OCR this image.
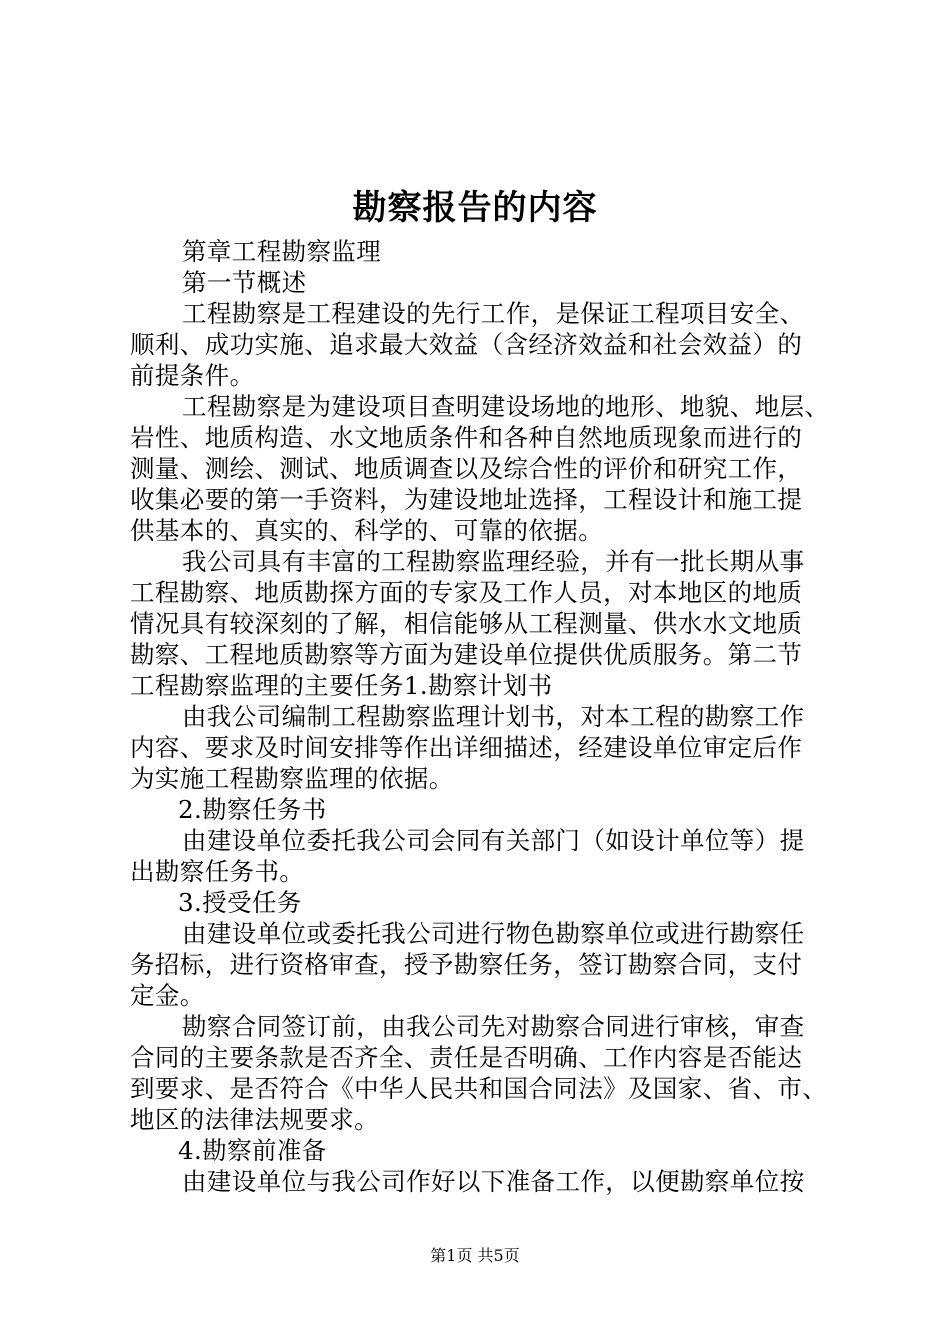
勘察报告的内容
第章工程勘察监理
第一节概述
工程勘察是工程建设的先行工作，是保证工程项目安全、
顺利、成功实施、追求最大效益（含经济效益和社会效益）的
前提条件。
工程勘察是为建设项目查明建设场地的地形、地貌、地层、
岩性、地质构造、水文地质条件和各种自然地质现象而进行的
测量、测绘、测试、地质调查以及综合性的评价和研究工作，
收集必要的第一手资料，为建设地址选择，工程设计和施工提
供基本的、真实的、科学的、可靠的依据。
我公司具有丰富的工程勘察监理经验，并有一批长期从事
工程勘察、地质勘探方面的专家及工作人员，对本地区的地质
情况具有较深刻的了解，相信能够从工程测量、供水水文地质
勘察、工程地质勘察等方面为建设单位提供优质服务。第二节
工程勘察监理的主要任务1.勘察计划书
由我公司编制工程勘察监理计划书，对本工程的勘察工作
内容、要求及时间安排等作出详细描述，经建设单位审定后作
为实施工程勘察监理的依据。
2.勘察任务书
由建设单位委托我公司会同有关部门（如设计单位等）提
出勘察任务书。
3.授受任务
由建设单位或委托我公司进行物色勘察单位或进行勘察任
务招标，进行资格审查，授予勘察任务，签订勘察合同，支付
定金。
勘察合同签订前，由我公司先对勘察合同进行审核，审查
合同的主要条款是否齐全、责任是否明确、工作内容是否能达
到要求、是否符合《中华人民共和国合同法》及国家、省、市、
地区的法律法规要求。
4.勘察前准备
由建设单位与我公司作好以下准备工作，以便勘察单位按
第1页 共5页
